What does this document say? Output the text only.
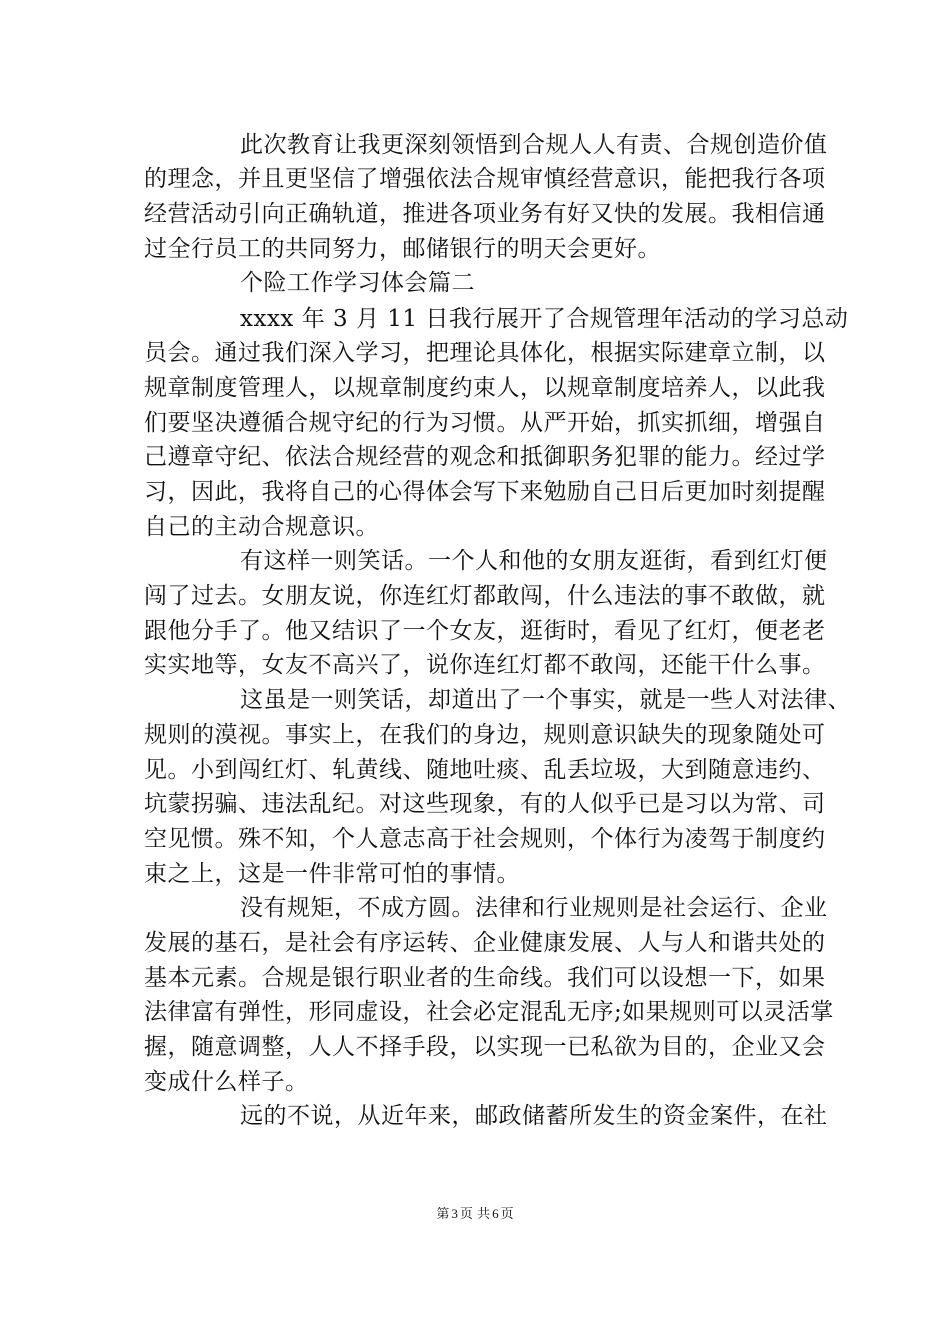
此次教育让我更深刻领悟到合规人人有责、合规创造价值
的理念，并且更坚信了增强依法合规审慎经营意识，能把我行各项
经营活动引向正确轨道，推进各项业务有好又快的发展。我相信通
过全行员工的共同努力，邮储银行的明天会更好。
个险工作学习体会篇二
xxxx 年 3 月 11 日我行展开了合规管理年活动的学习总动
员会。通过我们深入学习，把理论具体化，根据实际建章立制，以
规章制度管理人，以规章制度约束人，以规章制度培养人，以此我
们要坚决遵循合规守纪的行为习惯。从严开始，抓实抓细，增强自
己遵章守纪、依法合规经营的观念和抵御职务犯罪的能力。经过学
习，因此，我将自己的心得体会写下来勉励自己日后更加时刻提醒
自己的主动合规意识。
有这样一则笑话。一个人和他的女朋友逛街，看到红灯便
闯了过去。女朋友说，你连红灯都敢闯，什么违法的事不敢做，就
跟他分手了。他又结识了一个女友，逛街时，看见了红灯，便老老
实实地等，女友不高兴了，说你连红灯都不敢闯，还能干什么事。
这虽是一则笑话，却道出了一个事实，就是一些人对法律、
规则的漠视。事实上，在我们的身边，规则意识缺失的现象随处可
见。小到闯红灯、轧黄线、随地吐痰、乱丢垃圾，大到随意违约、
坑蒙拐骗、违法乱纪。对这些现象，有的人似乎已是习以为常、司
空见惯。殊不知，个人意志高于社会规则，个体行为凌驾于制度约
束之上，这是一件非常可怕的事情。
没有规矩，不成方圆。法律和行业规则是社会运行、企业
发展的基石，是社会有序运转、企业健康发展、人与人和谐共处的
基本元素。合规是银行职业者的生命线。我们可以设想一下，如果
法律富有弹性，形同虚设，社会必定混乱无序;如果规则可以灵活掌
握，随意调整，人人不择手段，以实现一已私欲为目的，企业又会
变成什么样子。
远的不说，从近年来，邮政储蓄所发生的资金案件，在社
第 3 页 共 6 页
